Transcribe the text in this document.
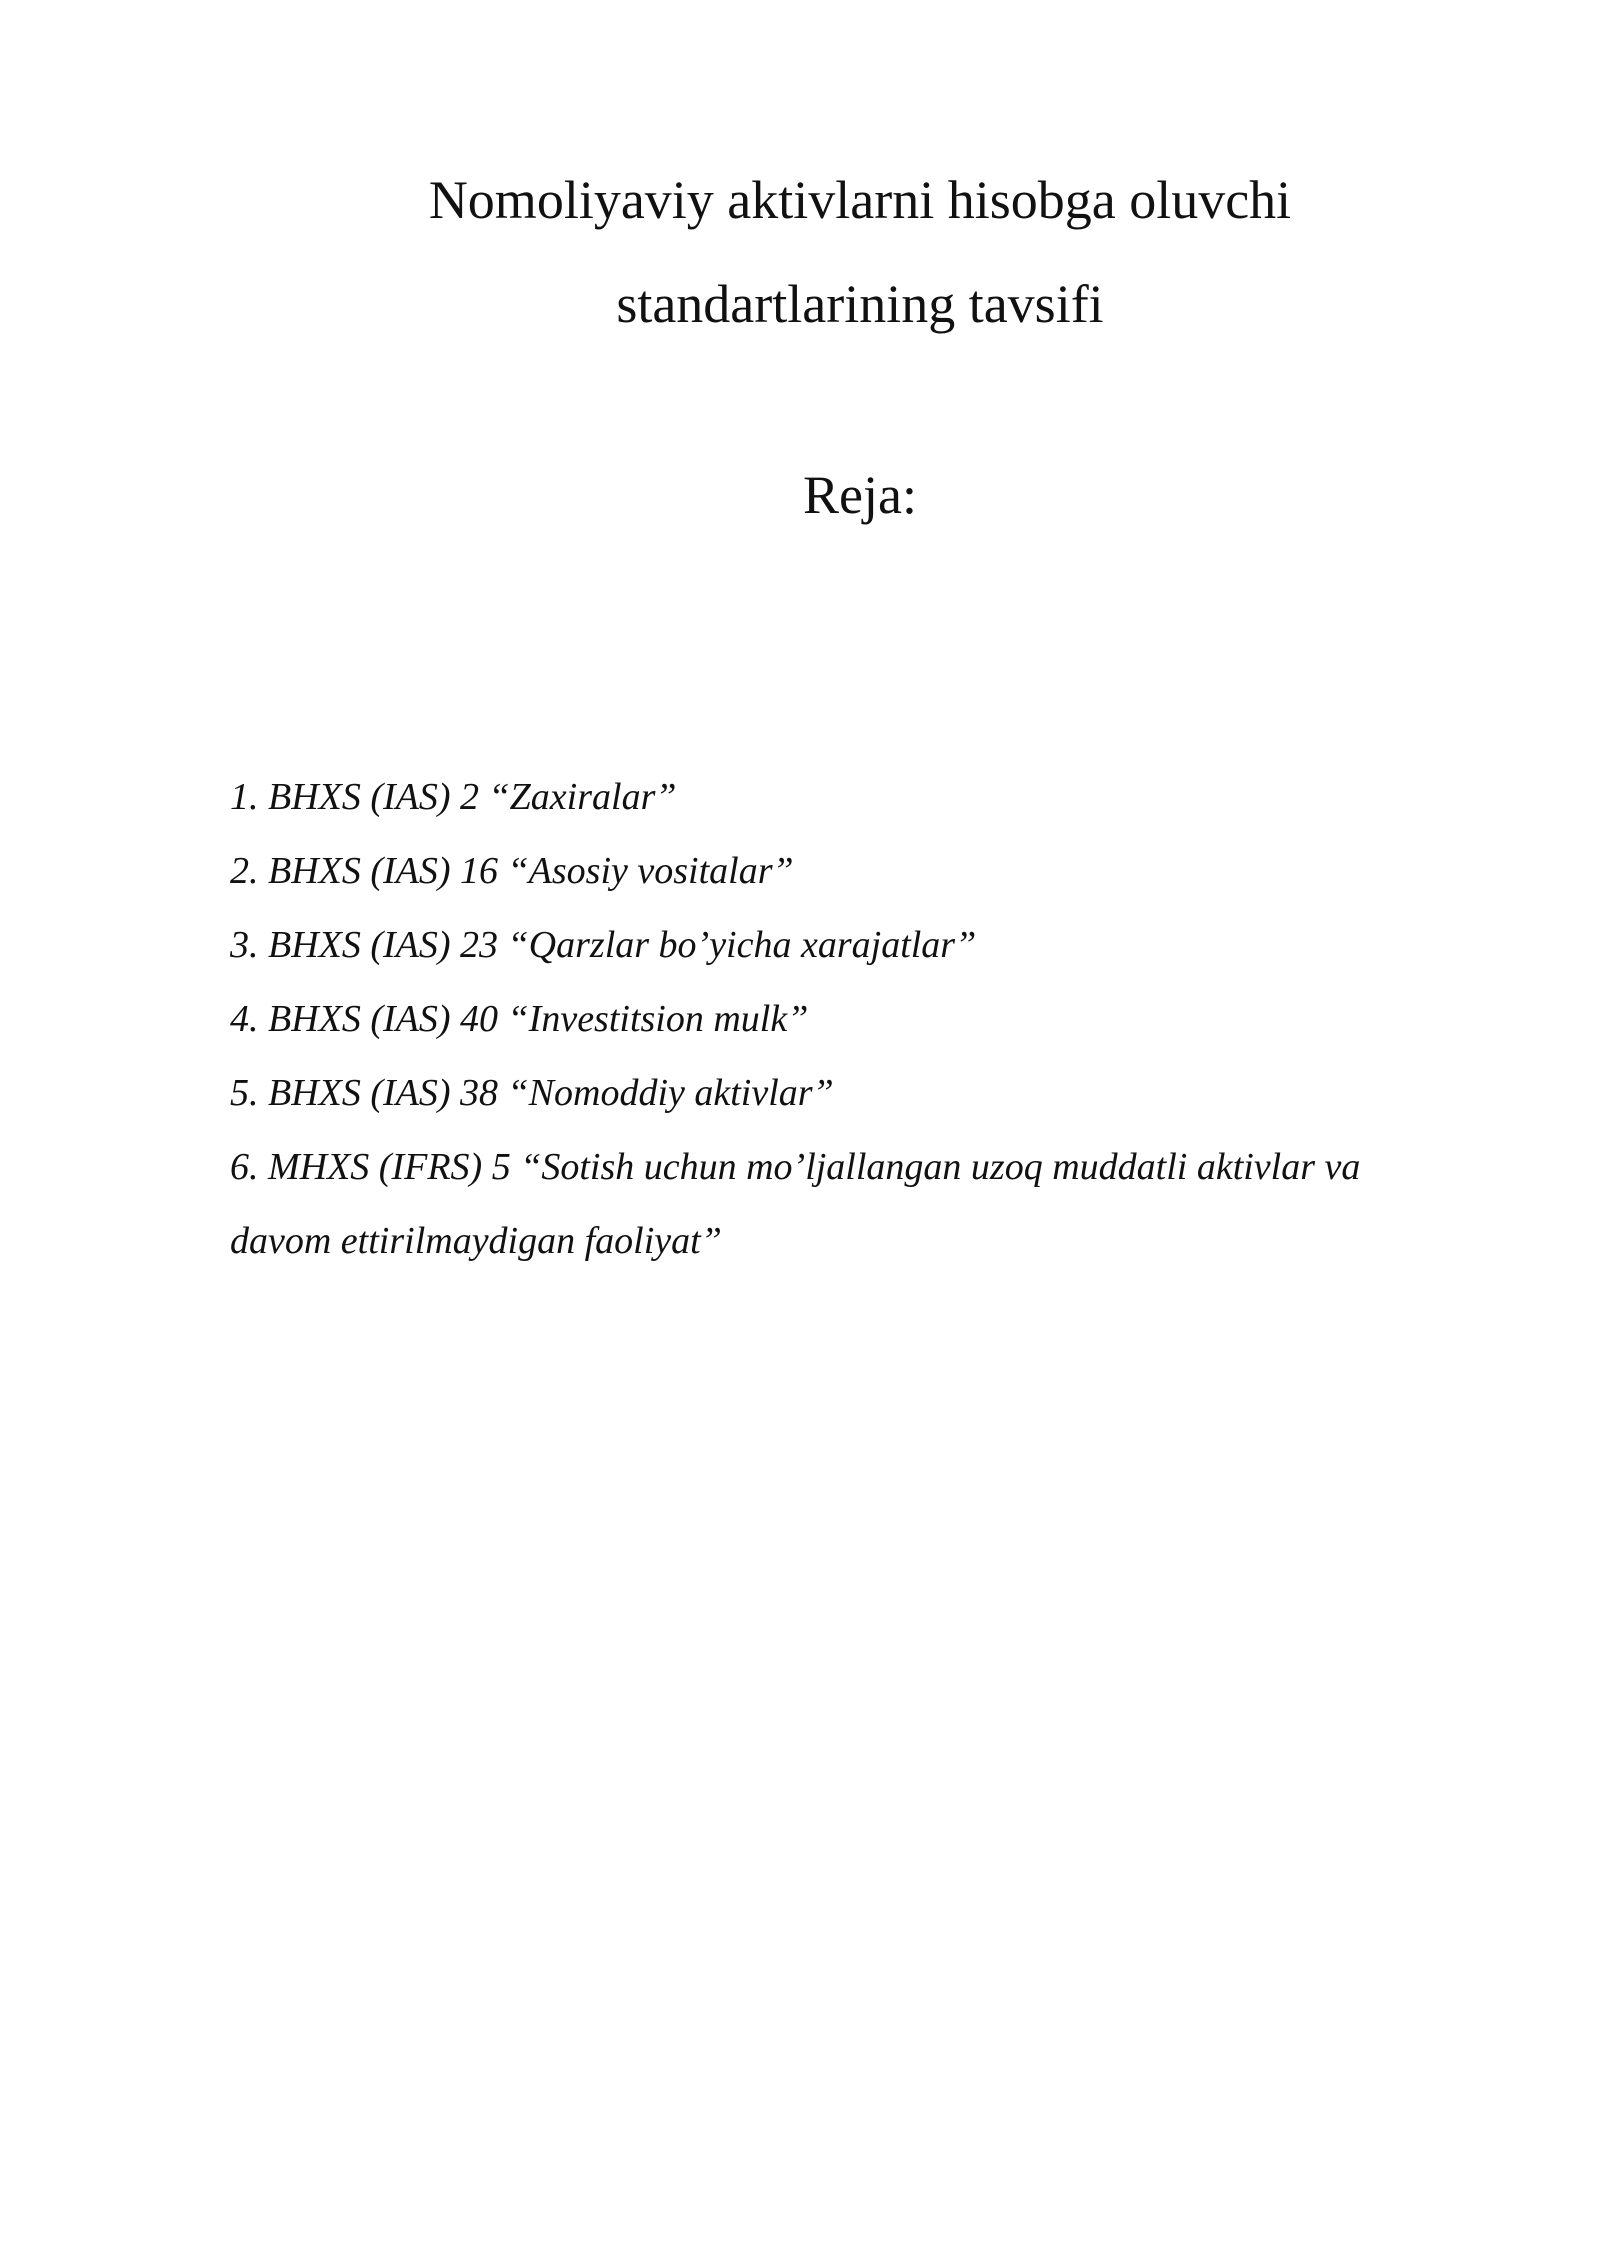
Nomoliyaviy aktivlarni hisobga oluvchi
standartlarining tavsifi
Reja:
1. BHXS (IAS) 2 “Zaxiralar”
2. BHXS (IAS) 16 “Asosiy vositalar”
3. BHXS (IAS) 23 “Qarzlar bo’yicha xarajatlar”
4. BHXS (IAS) 40 “Investitsion mulk”
5. BHXS (IAS) 38 “Nomoddiy aktivlar”
6. MHXS (IFRS) 5 “Sotish uchun mo’ljallangan uzoq muddatli aktivlar va davom ettirilmaydigan faoliyat”
